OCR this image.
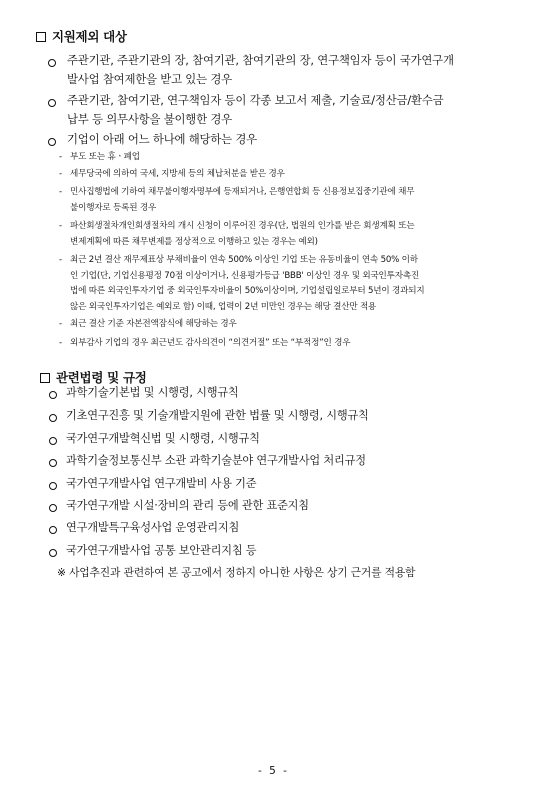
지원제외 대상
주관기관, 주관기관의 장, 참여기관, 참여기관의 장, 연구책임자 등이 국가연구개
발사업 참여제한을 받고 있는 경우
주관기관, 참여기관, 연구책임자 등이 각종 보고서 제출, 기술료/정산금/환수금
납부 등 의무사항을 불이행한 경우
기업이 아래 어느 하나에 해당하는 경우
- 부도 또는 휴ㆍ폐업
- 세무당국에 의하여 국세, 지방세 등의 체납처분을 받은 경우
- 민사집행법에 기하여 채무불이행자명부에 등재되거나, 은행연합회 등 신용정보집중기관에 채무
불이행자로 등록된 경우
- 파산회생절차개인회생절차의 개시 신청이 이루어진 경우(단, 법원의 인가를 받은 회생계획 또는
변제계획에 따른 채무변제를 정상적으로 이행하고 있는 경우는 예외)
- 최근 2년 결산 재무제표상 부채비율이 연속 500% 이상인 기업 또는 유동비율이 연속 50% 이하
인 기업(단, 기업신용평정 70점 이상이거나, 신용평가등급 'BBB' 이상인 경우 및 외국인투자촉진
법에 따른 외국인투자기업 중 외국인투자비율이 50%이상이며, 기업설립일로부터 5년이 경과되지
않은 외국인투자기업은 예외로 함) 이때, 업력이 2년 미만인 경우는 해당 결산만 적용
- 최근 결산 기준 자본전액잠식에 해당하는 경우
- 외부감사 기업의 경우 최근년도 감사의견이 “의견거절” 또는 “부적정”인 경우
관련법령 및 규정
과학기술기본법 및 시행령, 시행규칙
기초연구진흥 및 기술개발지원에 관한 법률 및 시행령, 시행규칙
국가연구개발혁신법 및 시행령, 시행규칙
과학기술정보통신부 소관 과학기술분야 연구개발사업 처리규정
국가연구개발사업 연구개발비 사용 기준
국가연구개발 시설·장비의 관리 등에 관한 표준지침
연구개발특구육성사업 운영관리지침
국가연구개발사업 공통 보안관리지침 등
※ 사업추진과 관련하여 본 공고에서 정하지 아니한 사항은 상기 근거를 적용함
- 5 -
